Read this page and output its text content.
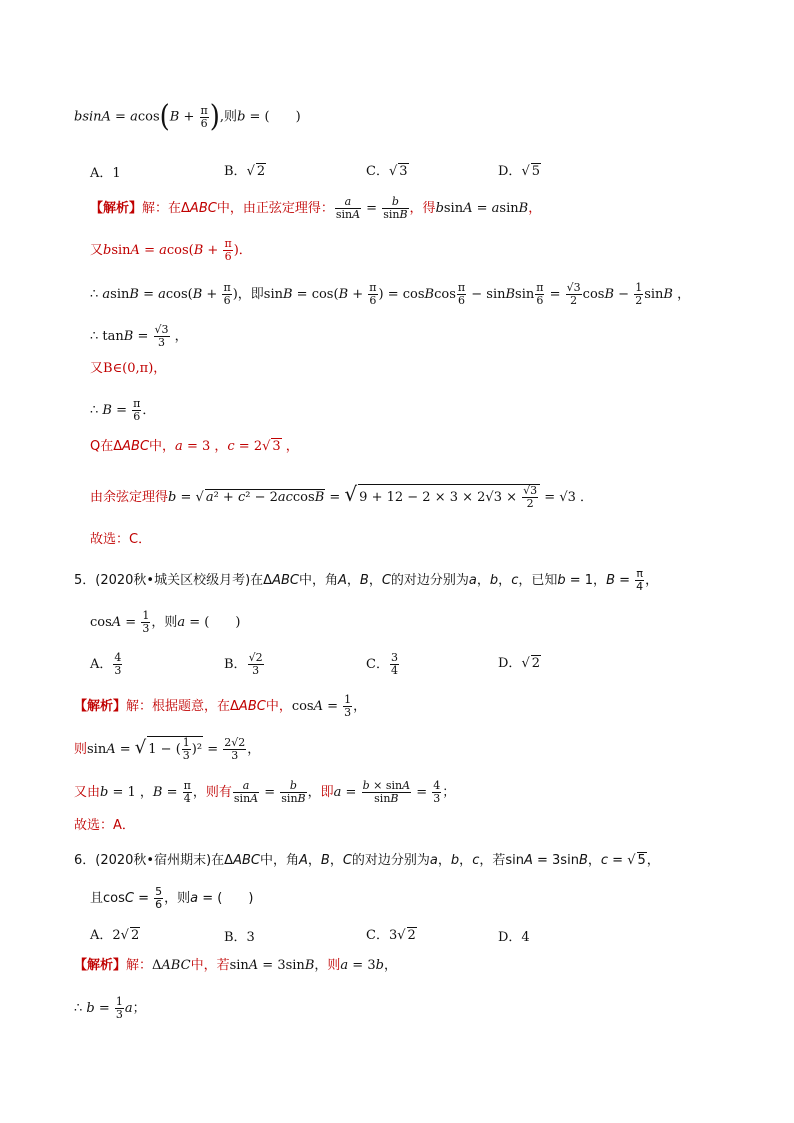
$bsinA = acos(B + \frac{\pi}{6}$ ),则b = (　　)
A．1	B．√ 2	C．√ 3	D．√ 5
【解析】解：在ΔABC中，由正弦定理得： $\frac{a}{\sin A} = \frac{b}{\sin B}$ ，得bsinA = asinB，
又$bsinA = acos(B + \frac{\pi}{6}$ )．
∴ $asinB = acos(B + \frac{\pi}{6}$ )，即$\sin B = \cos(B + \frac{\pi}{6}$ ) = cosBcos $\frac{\pi}{6}$ − sinBsin $\frac{\pi}{6} = \frac{√3}{2}$ $\cos B - \frac{1}{2}$ sinB ，
∴ $\tan B = \frac{√3}{3}$ ，
又B∈(0,π)，
∴ $B = \frac{\pi}{6}$ ．
Q在ΔABC中，a = 3 ，c = 2√ 3 ，
由余弦定理得b = √ a² + c² − 2accosB = √ $9 + 12 - 2 \times 3 \times 2√3 \times \frac{√3}{2} = √3$ ．
故选：C．
5．(2020秋•城关区校级月考)在ΔABC中，角A，B，C的对边分别为a，b，c，已知b = 1，$B = \frac{\pi}{4}$ ，
$\cos A = \frac{1}{3}$ ，则a = (　　)
A． $\frac{4}{3}$	B． $\frac{√2}{3}$	C． $\frac{3}{4}$	D．√ 2
【解析】解：根据题意，在ΔABC中，$\cos A = \frac{1}{3}$ ，
则sinA = √ 1 − ( $\frac{1}{3} )^2 = \frac{2√2}{3}$ ，
又由b = 1 ，$B = \frac{\pi}{4}$ ，则有 $\frac{a}{\sin A} = \frac{b}{\sin B}$ ，即$a = \frac{b \times \sin A}{\sin B} = \frac{4}{3}$ ；
故选：A．
6．(2020秋•宿州期末)在ΔABC中，角A，B，C的对边分别为a，b，c，若sinA = 3sinB，c = √ 5，
且$\cos C = \frac{5}{6}$ ，则a = (　　)
A．2√ 2	B．3	C．3√ 2	D．4
【解析】解：ΔABC中，若sinA = 3sinB，则a = 3b，
∴ $b = \frac{1}{3}$ a；
